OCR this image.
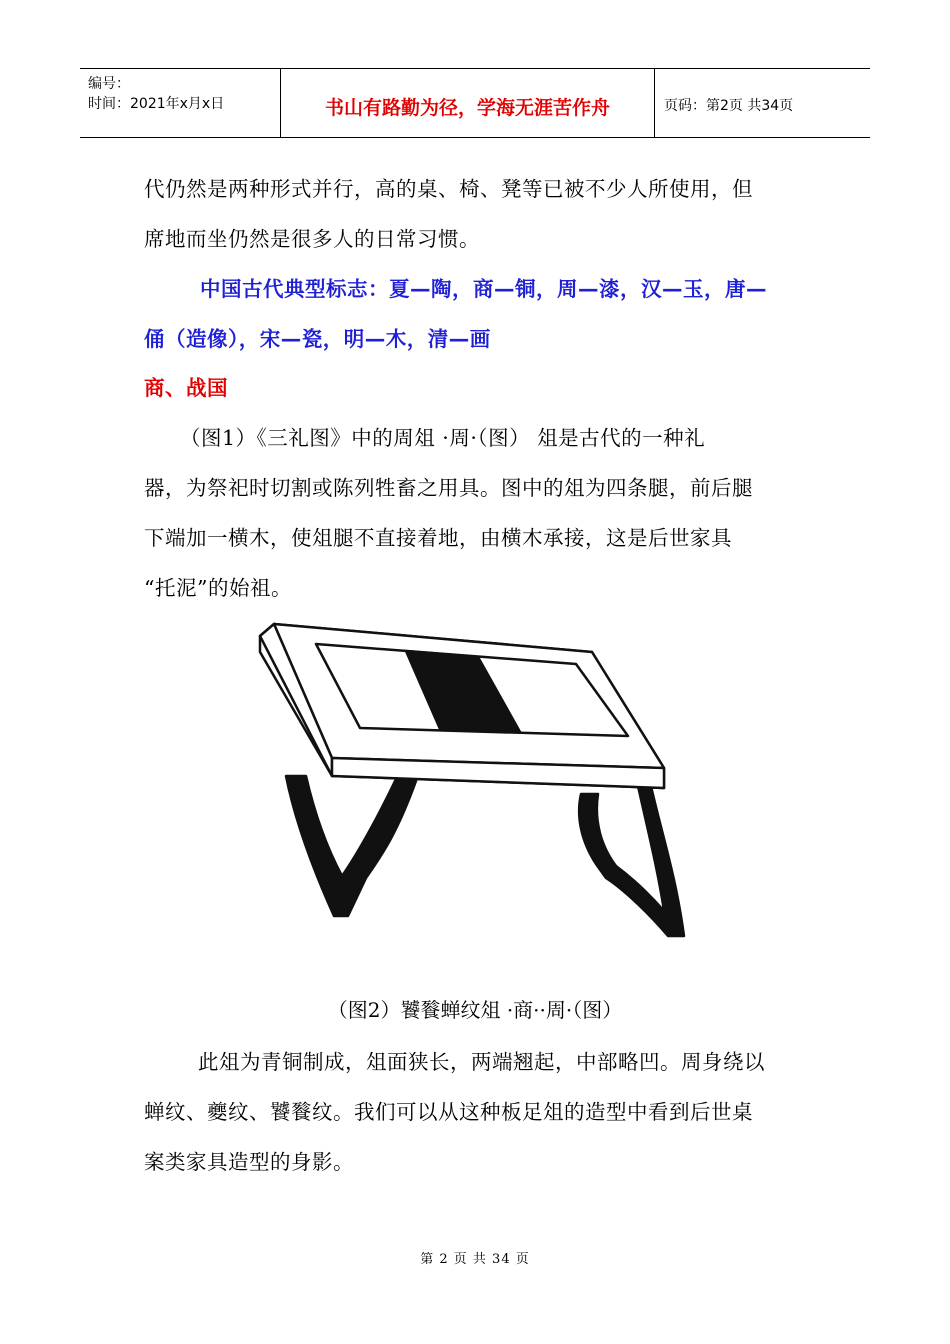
编号：
时间：2021年x月x日	书山有路勤为径，学海无涯苦作舟	页码：第2页 共34页
代仍然是两种形式并行，高的桌、椅、凳等已被不少人所使用，但
席地而坐仍然是很多人的日常习惯。
中国古代典型标志：夏—陶，商—铜，周—漆，汉—玉，唐—
俑（造像），宋—瓷，明—木，清—画
商、战国
（图1）《三礼图》中的周俎 ·周·（图） 俎是古代的一种礼
器，为祭祀时切割或陈列牲畜之用具。图中的俎为四条腿，前后腿
下端加一横木，使俎腿不直接着地，由横木承接，这是后世家具
“托泥”的始祖。
（图2）饕餮蝉纹俎 ·商··周·（图）
此俎为青铜制成，俎面狭长，两端翘起，中部略凹。周身绕以
蝉纹、夔纹、饕餮纹。我们可以从这种板足俎的造型中看到后世桌
案类家具造型的身影。
第 2 页 共 34 页
